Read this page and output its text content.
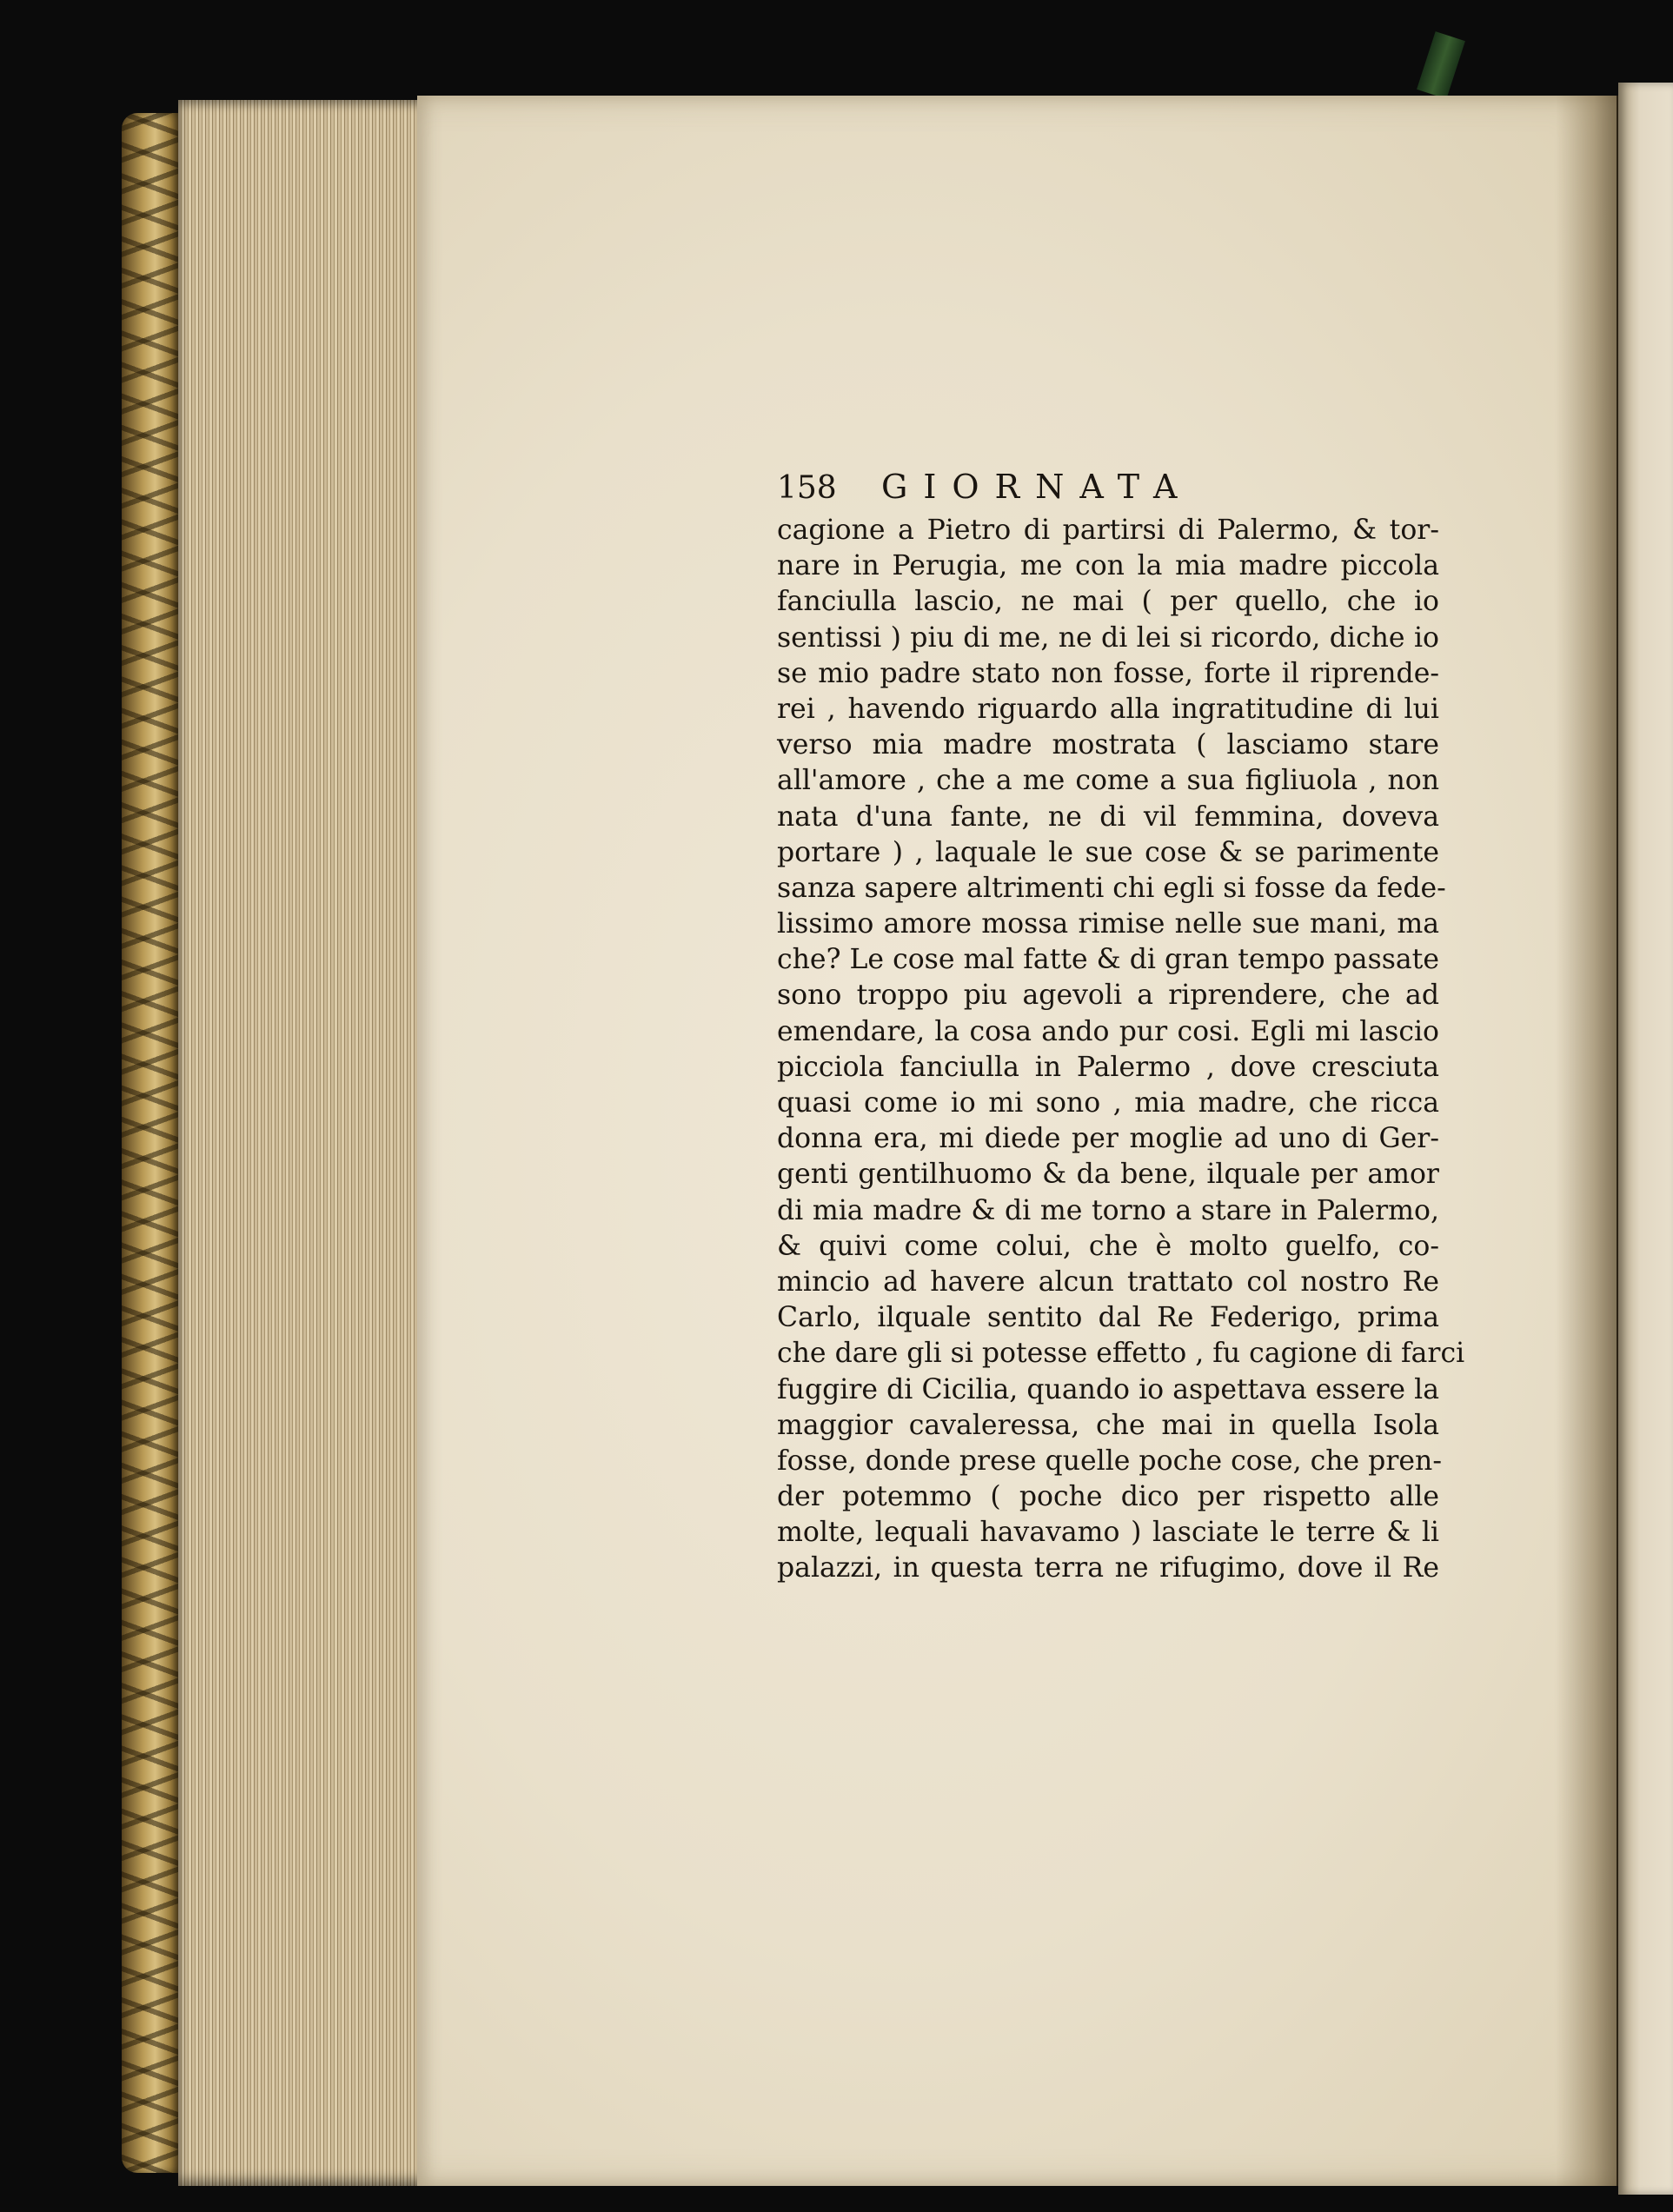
158	GIORNATA
cagione a Pietro di partirsi di Palermo, & tor-
nare in Perugia, me con la mia madre piccola
fanciulla lascio, ne mai ( per quello, che io
sentissi ) piu di me, ne di lei si ricordo, diche io
se mio padre stato non fosse, forte il riprende-
rei , havendo riguardo alla ingratitudine di lui
verso mia madre mostrata ( lasciamo stare
all'amore , che a me come a sua figliuola , non
nata d'una fante, ne di vil femmina, doveva
portare ) , laquale le sue cose & se parimente
sanza sapere altrimenti chi egli si fosse da fede-
lissimo amore mossa rimise nelle sue mani, ma
che? Le cose mal fatte & di gran tempo passate
sono troppo piu agevoli a riprendere, che ad
emendare, la cosa ando pur cosi. Egli mi lascio
picciola fanciulla in Palermo , dove cresciuta
quasi come io mi sono , mia madre, che ricca
donna era, mi diede per moglie ad uno di Ger-
genti gentilhuomo & da bene, ilquale per amor
di mia madre & di me torno a stare in Palermo,
& quivi come colui, che è molto guelfo, co-
mincio ad havere alcun trattato col nostro Re
Carlo, ilquale sentito dal Re Federigo, prima
che dare gli si potesse effetto , fu cagione di farci
fuggire di Cicilia, quando io aspettava essere la
maggior cavaleressa, che mai in quella Isola
fosse, donde prese quelle poche cose, che pren-
der potemmo ( poche dico per rispetto alle
molte, lequali havavamo ) lasciate le terre & li
palazzi, in questa terra ne rifugimo, dove il Re
